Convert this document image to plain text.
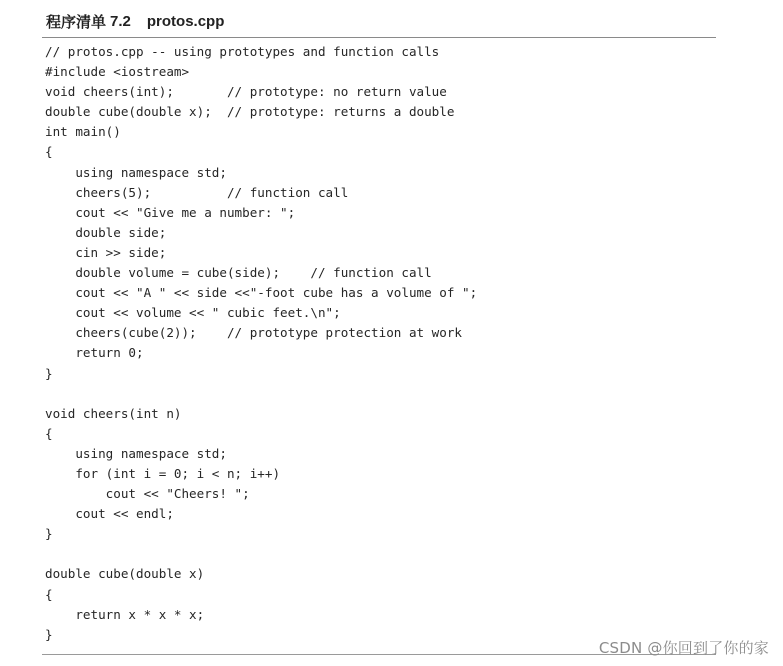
程序清单 7.2 protos.cpp
// protos.cpp -- using prototypes and function calls
#include <iostream>
void cheers(int);       // prototype: no return value
double cube(double x);  // prototype: returns a double
int main()
{
using namespace std;
cheers(5);          // function call
cout << "Give me a number: ";
double side;
cin >> side;
double volume = cube(side);    // function call
cout << "A " << side <<"-foot cube has a volume of ";
cout << volume << " cubic feet.\n";
cheers(cube(2));    // prototype protection at work
return 0;
}
void cheers(int n)
{
using namespace std;
for (int i = 0; i < n; i++)
cout << "Cheers! ";
cout << endl;
}
double cube(double x)
{
return x * x * x;
}
CSDN @你回到了你的家
